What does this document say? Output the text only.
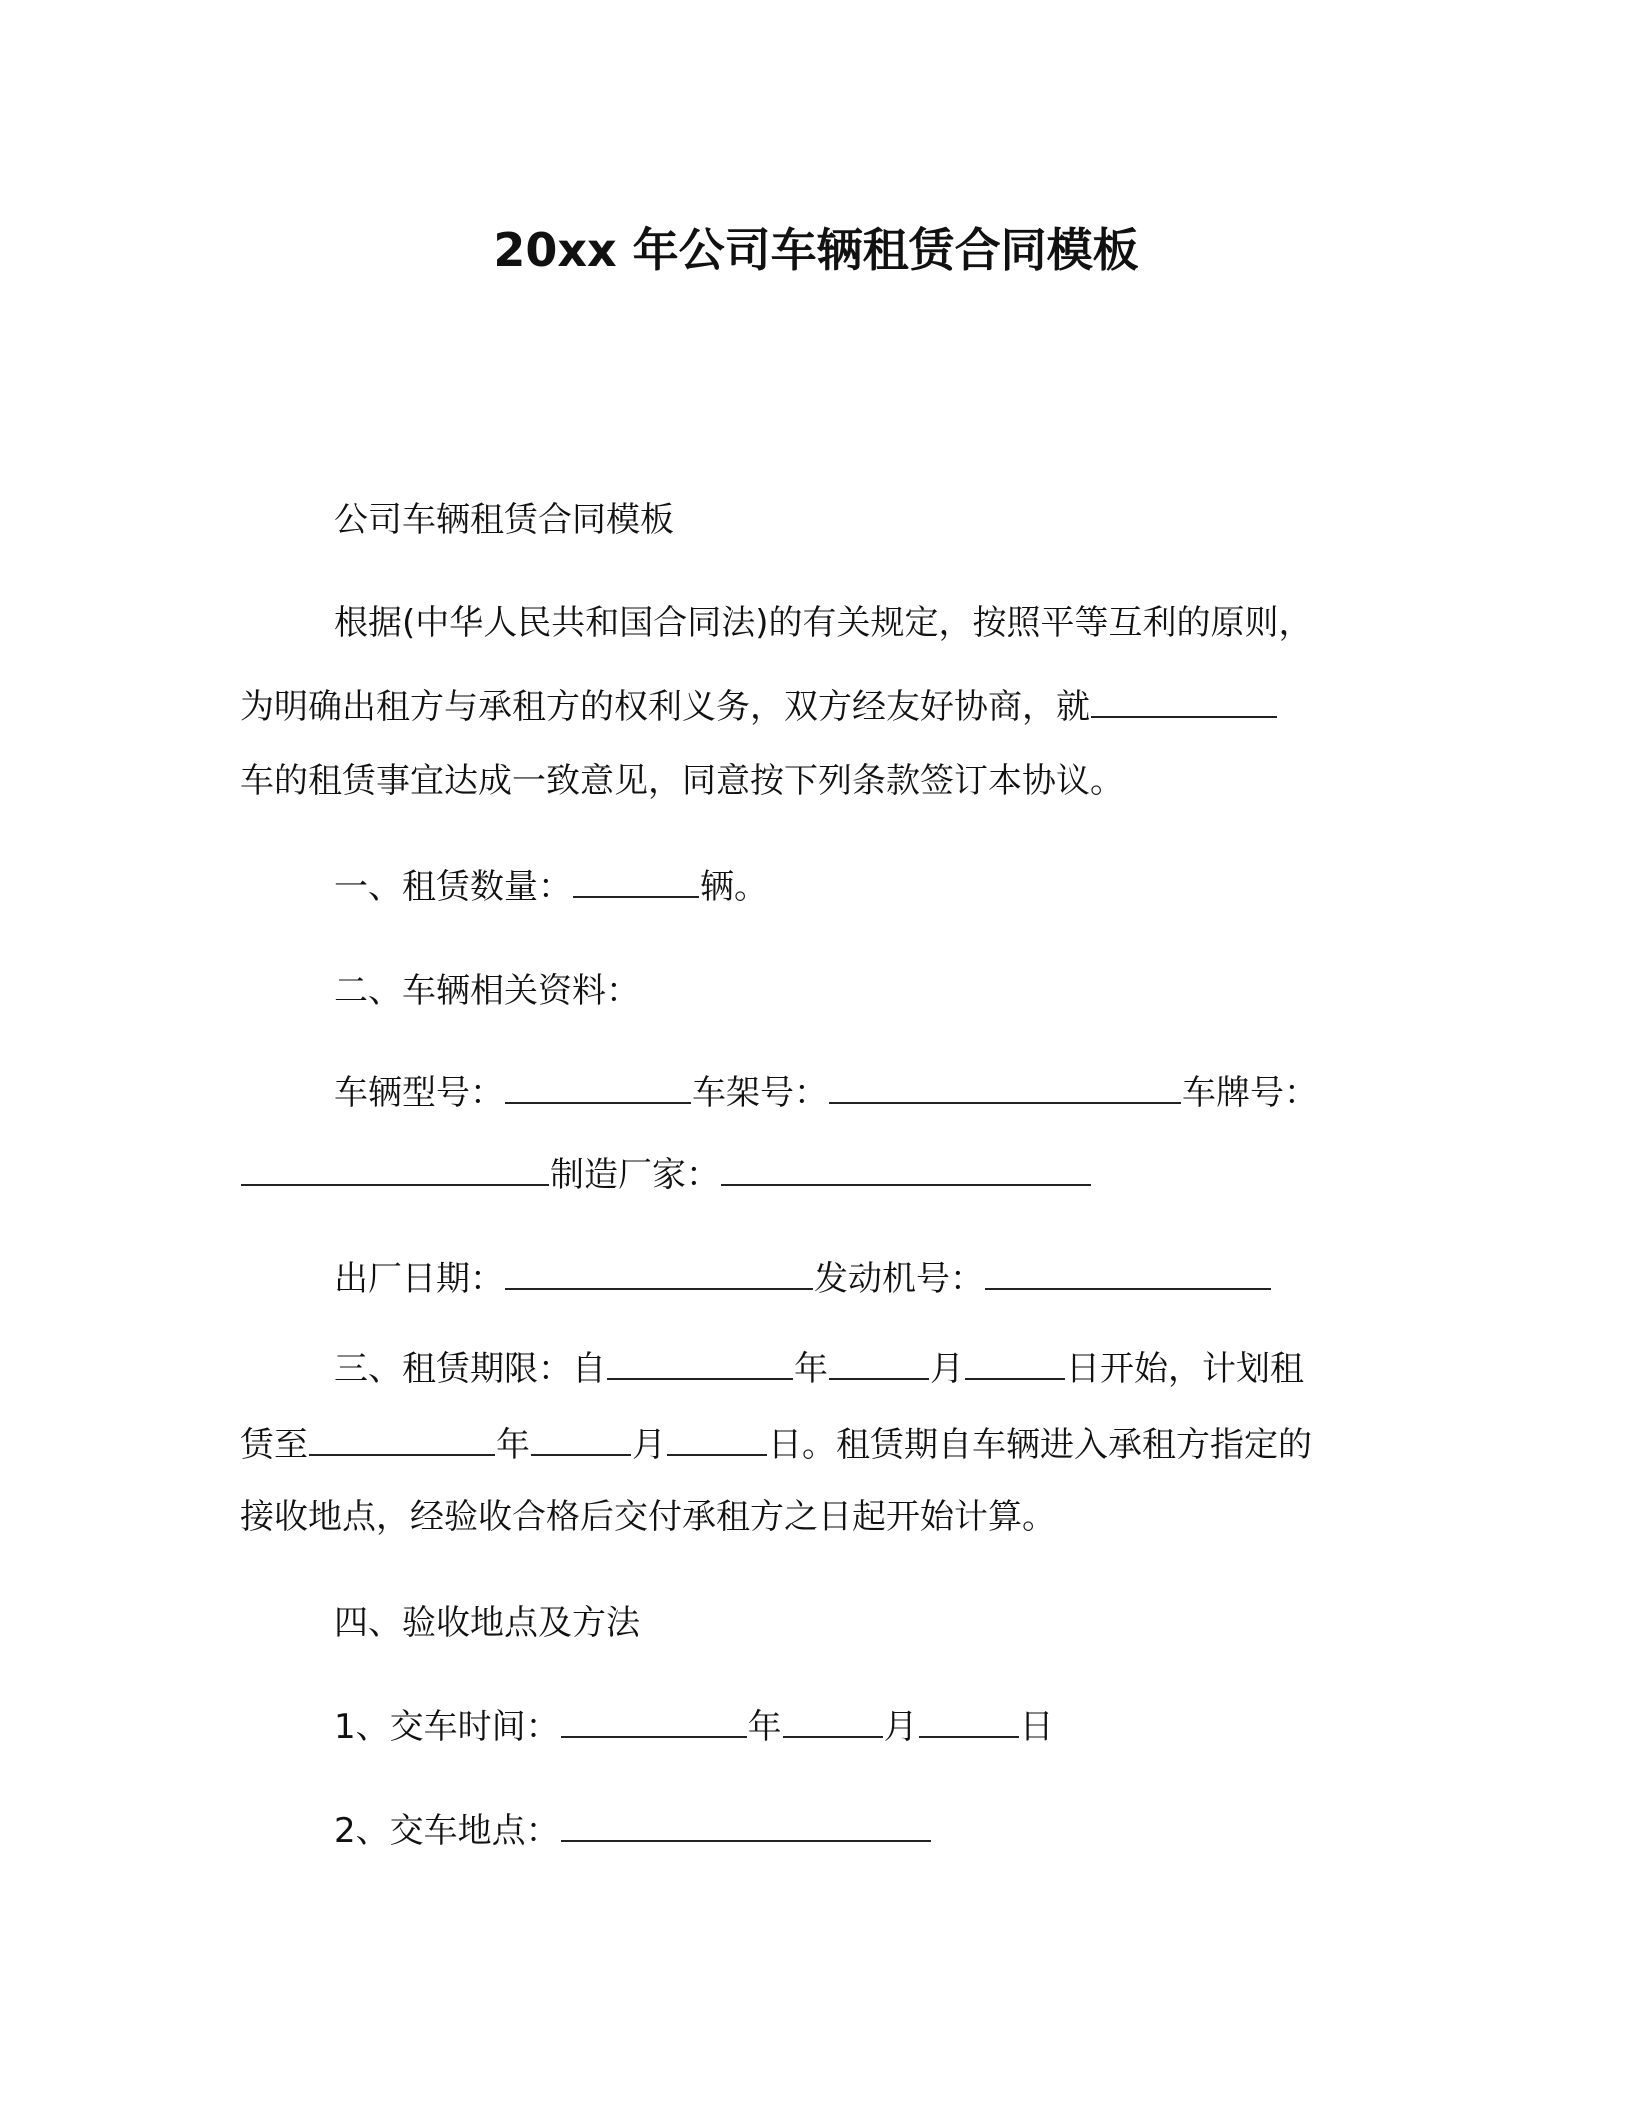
20xx 年公司车辆租赁合同模板
公司车辆租赁合同模板
根据(中华人民共和国合同法)的有关规定，按照平等互利的原则，
为明确出租方与承租方的权利义务，双方经友好协商，就
车的租赁事宜达成一致意见，同意按下列条款签订本协议。
一、租赁数量：	辆。
二、车辆相关资料：
车辆型号：	车架号：	车牌号：
制造厂家：
出厂日期：	发动机号：
三、租赁期限：自	年	月	日开始，计划租
赁至	年	月	日。租赁期自车辆进入承租方指定的
接收地点，经验收合格后交付承租方之日起开始计算。
四、验收地点及方法
1、交车时间：	年	月	日
2、交车地点：
